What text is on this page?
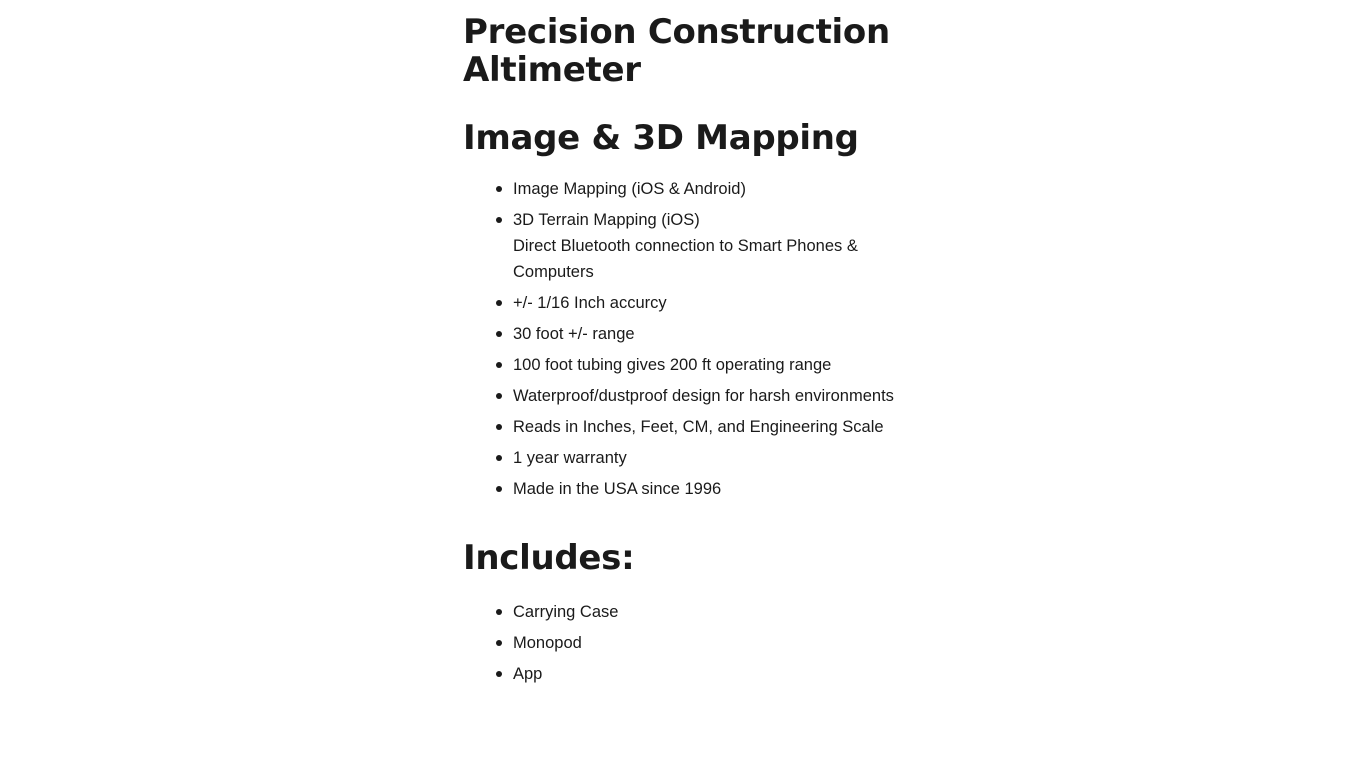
Precision Construction Altimeter
Image & 3D Mapping
Image Mapping (iOS & Android)
3D Terrain Mapping (iOS)
Direct Bluetooth connection to Smart Phones & Computers
+/- 1/16 Inch accurcy
30 foot +/- range
100 foot tubing gives 200 ft operating range
Waterproof/dustproof design for harsh environments
Reads in Inches, Feet, CM, and Engineering Scale
1 year warranty
Made in the USA since 1996
Includes:
Carrying Case
Monopod
App
